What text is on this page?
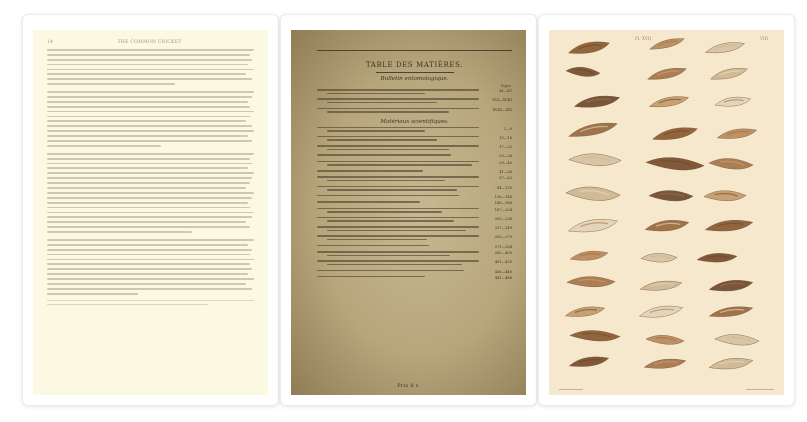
14	THE COMMON CRICKET
TABLE DES MATIÈRES.
Bulletin entomologique.
Pages.
XI—XV
XVI—XVIII
XVIII—XIX
Matériaux scientifiques.
1—9
10—16
17—22
23—28
29—40
41—56
57—63
64—135
136—148
149—166
167—204
205—236
237—249
250—270
271—284
285—400
401—435
436—440
441—466
Prix 8 r.
Pl. XVII	VIII
